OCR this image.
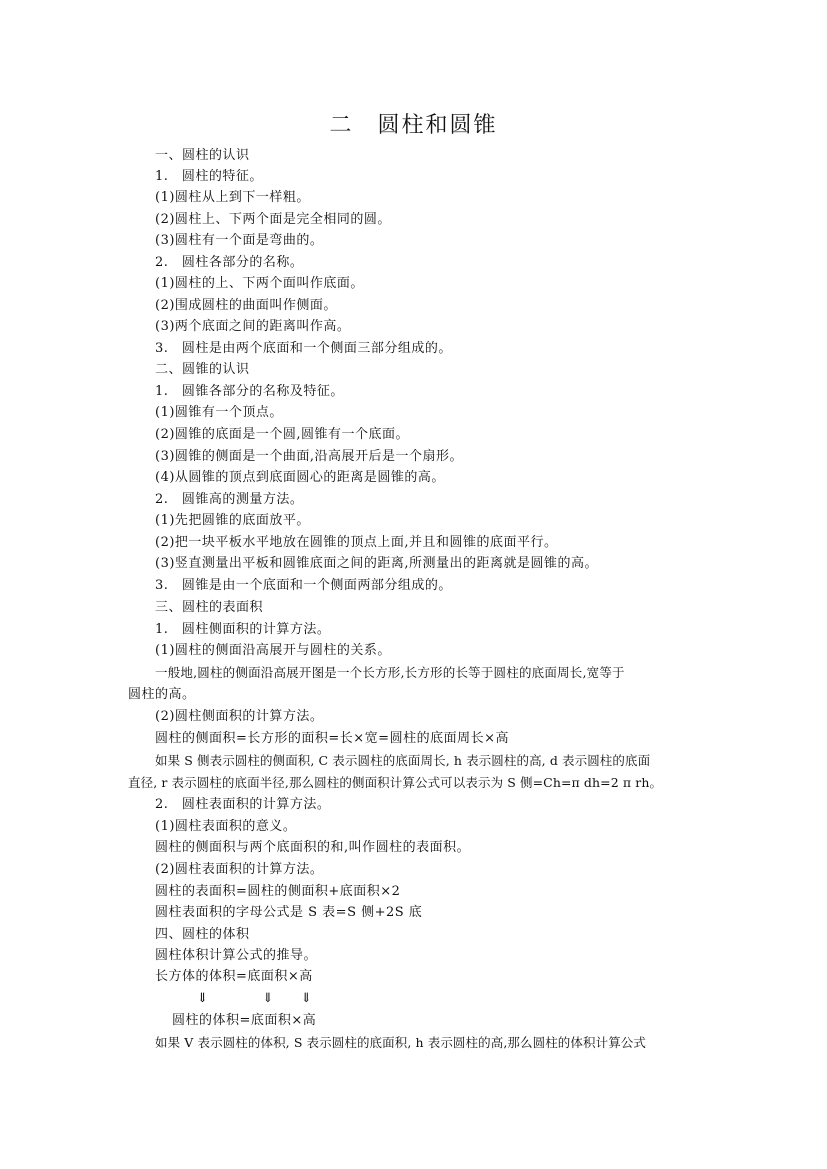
二　圆柱和圆锥
一、圆柱的认识
1.　圆柱的特征。
(1)圆柱从上到下一样粗。
(2)圆柱上、下两个面是完全相同的圆。
(3)圆柱有一个面是弯曲的。
2.　圆柱各部分的名称。
(1)圆柱的上、下两个面叫作底面。
(2)围成圆柱的曲面叫作侧面。
(3)两个底面之间的距离叫作高。
3.　圆柱是由两个底面和一个侧面三部分组成的。
二、圆锥的认识
1.　圆锥各部分的名称及特征。
(1)圆锥有一个顶点。
(2)圆锥的底面是一个圆,圆锥有一个底面。
(3)圆锥的侧面是一个曲面,沿高展开后是一个扇形。
(4)从圆锥的顶点到底面圆心的距离是圆锥的高。
2.　圆锥高的测量方法。
(1)先把圆锥的底面放平。
(2)把一块平板水平地放在圆锥的顶点上面,并且和圆锥的底面平行。
(3)竖直测量出平板和圆锥底面之间的距离,所测量出的距离就是圆锥的高。
3.　圆锥是由一个底面和一个侧面两部分组成的。
三、圆柱的表面积
1.　圆柱侧面积的计算方法。
(1)圆柱的侧面沿高展开与圆柱的关系。
一般地,圆柱的侧面沿高展开图是一个长方形,长方形的长等于圆柱的底面周长,宽等于
圆柱的高。
(2)圆柱侧面积的计算方法。
圆柱的侧面积=长方形的面积=长×宽=圆柱的底面周长×高
如果 S 侧表示圆柱的侧面积, C 表示圆柱的底面周长, h 表示圆柱的高, d 表示圆柱的底面
直径, r 表示圆柱的底面半径,那么圆柱的侧面积计算公式可以表示为 S 侧=Ch=π dh=2 π rh。
2.　圆柱表面积的计算方法。
(1)圆柱表面积的意义。
圆柱的侧面积与两个底面积的和,叫作圆柱的表面积。
(2)圆柱表面积的计算方法。
圆柱的表面积=圆柱的侧面积+底面积×2
圆柱表面积的字母公式是 S 表=S 侧+2S 底
四、圆柱的体积
圆柱体积计算公式的推导。
长方体的体积=底面积×高
⇓　　　　⇓　　⇓
圆柱的体积=底面积×高
如果 V 表示圆柱的体积, S 表示圆柱的底面积, h 表示圆柱的高,那么圆柱的体积计算公式
